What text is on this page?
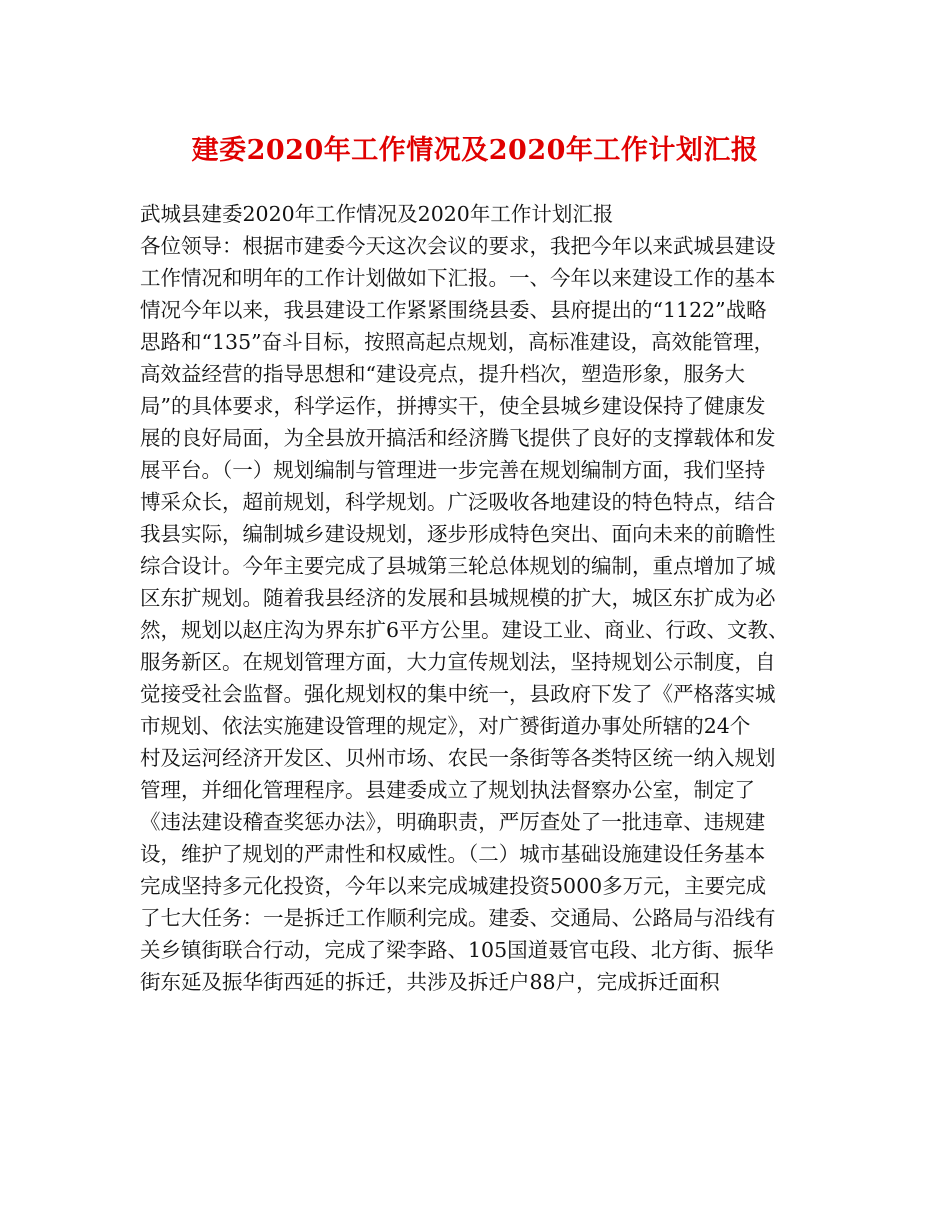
建委2020年工作情况及2020年工作计划汇报
武城县建委2020年工作情况及2020年工作计划汇报
各位领导：根据市建委今天这次会议的要求，我把今年以来武城县建设
工作情况和明年的工作计划做如下汇报。一、今年以来建设工作的基本
情况今年以来，我县建设工作紧紧围绕县委、县府提出的“1122”战略
思路和“135”奋斗目标，按照高起点规划，高标准建设，高效能管理，
高效益经营的指导思想和“建设亮点，提升档次，塑造形象，服务大
局”的具体要求，科学运作，拼搏实干，使全县城乡建设保持了健康发
展的良好局面，为全县放开搞活和经济腾飞提供了良好的支撑载体和发
展平台。（一）规划编制与管理进一步完善在规划编制方面，我们坚持
博采众长，超前规划，科学规划。广泛吸收各地建设的特色特点，结合
我县实际，编制城乡建设规划，逐步形成特色突出、面向未来的前瞻性
综合设计。今年主要完成了县城第三轮总体规划的编制，重点增加了城
区东扩规划。随着我县经济的发展和县城规模的扩大，城区东扩成为必
然，规划以赵庄沟为界东扩6平方公里。建设工业、商业、行政、文教、
服务新区。在规划管理方面，大力宣传规划法，坚持规划公示制度，自
觉接受社会监督。强化规划权的集中统一，县政府下发了《严格落实城
市规划、依法实施建设管理的规定》，对广赟街道办事处所辖的24个
村及运河经济开发区、贝州市场、农民一条街等各类特区统一纳入规划
管理，并细化管理程序。县建委成立了规划执法督察办公室，制定了
《违法建设稽查奖惩办法》，明确职责，严厉查处了一批违章、违规建
设，维护了规划的严肃性和权威性。（二）城市基础设施建设任务基本
完成坚持多元化投资，今年以来完成城建投资5000多万元，主要完成
了七大任务：一是拆迁工作顺利完成。建委、交通局、公路局与沿线有
关乡镇街联合行动，完成了梁李路、105国道聂官屯段、北方街、振华
街东延及振华街西延的拆迁，共涉及拆迁户88户，完成拆迁面积
